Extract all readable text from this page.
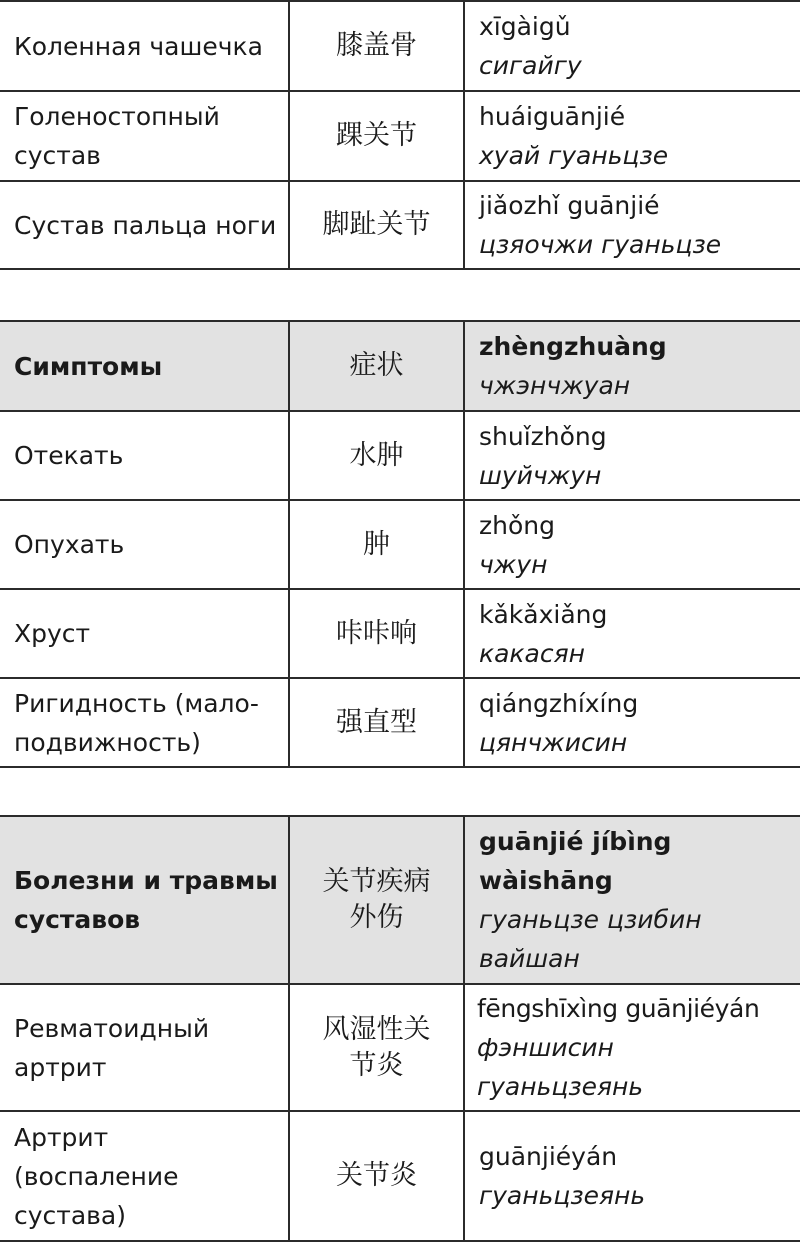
Коленная чашечка	膝盖骨	xīgàigǔ
сигайгу

Голеностопный сустав	踝关节	huáiguānjié
хуай гуаньцзе

Сустав пальца ноги	脚趾关节	jiǎozhǐ guānjié
цзяочжи гуаньцзе
Симптомы	症状	zhèngzhuàng
чжэнчжуан

Отекать	水肿	shuǐzhǒng
шуйчжун

Опухать	肿	zhǒng
чжун

Хруст	咔咔响	kǎkǎxiǎng
какасян

Ригидность (мало-подвижность)	强直型	qiángzhíxíng
цянчжисин
Болезни и травмы суставов	关节疾病外伤	guānjié jíbìng wàishāng
гуаньцзе цзибин вайшан

Ревматоидный артрит	风湿性关节炎	fēngshīxìng guānjiéyán
фэншисин гуаньцзеянь

Артрит (воспаление сустава)	关节炎	guānjiéyán
гуаньцзеянь
